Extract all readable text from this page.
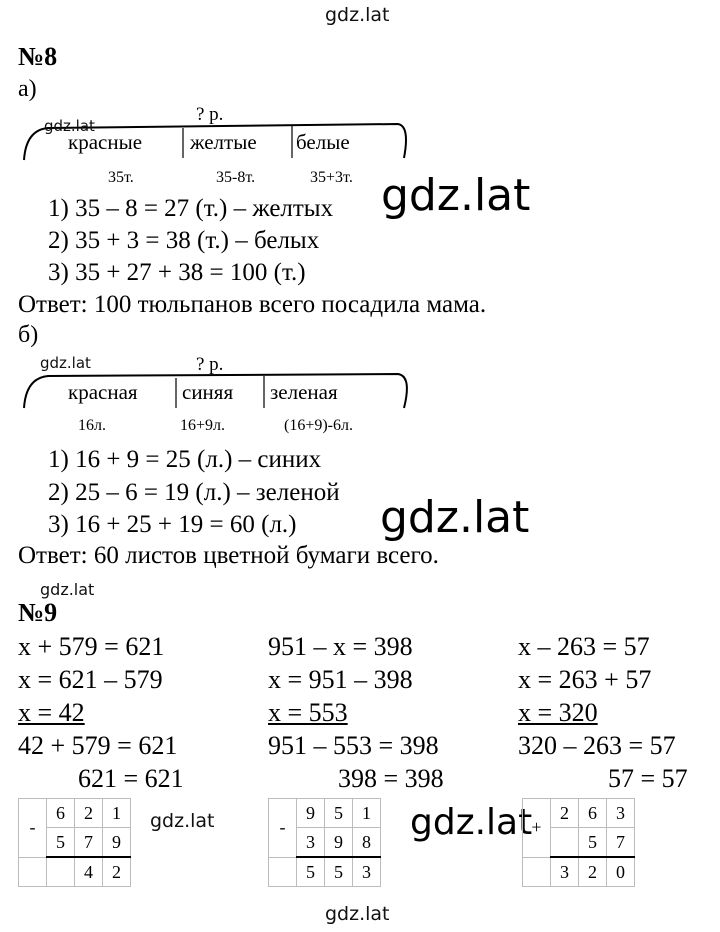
gdz.lat
№8
а)
? р.
красные желтые белые
35т.	35-8т.	35+3т.
gdz.lat
1) 35 – 8 = 27 (т.) – желтых
2) 35 + 3 = 38 (т.) – белых
3) 35 + 27 + 38 = 100 (т.)
gdz.lat
Ответ: 100 тюльпанов всего посадила мама.
б)
gdz.lat	? р.
красная синяя зеленая
16л.	16+9л.	(16+9)-6л.
1) 16 + 9 = 25 (л.) – синих
2) 25 – 6 = 19 (л.) – зеленой
3) 16 + 25 + 19 = 60 (л.) gdz.lat
Ответ: 60 листов цветной бумаги всего.
gdz.lat
№9
x + 579 = 621
x = 621 – 579
x = 42
42 + 579 = 621
621 = 621
951 – x = 398
x = 951 – 398
x = 553
951 – 553 = 398
398 = 398
x – 263 = 57
x = 263 + 57
x = 320
320 – 263 = 57
57 = 57
-	6	2	1
	5	7	9
		4	2
gdz.lat	-	9	5	1
	3	9	8
	5	5	3
gdz.lat +	2	6	3
		5	7
	3	2	0
gdz.lat
